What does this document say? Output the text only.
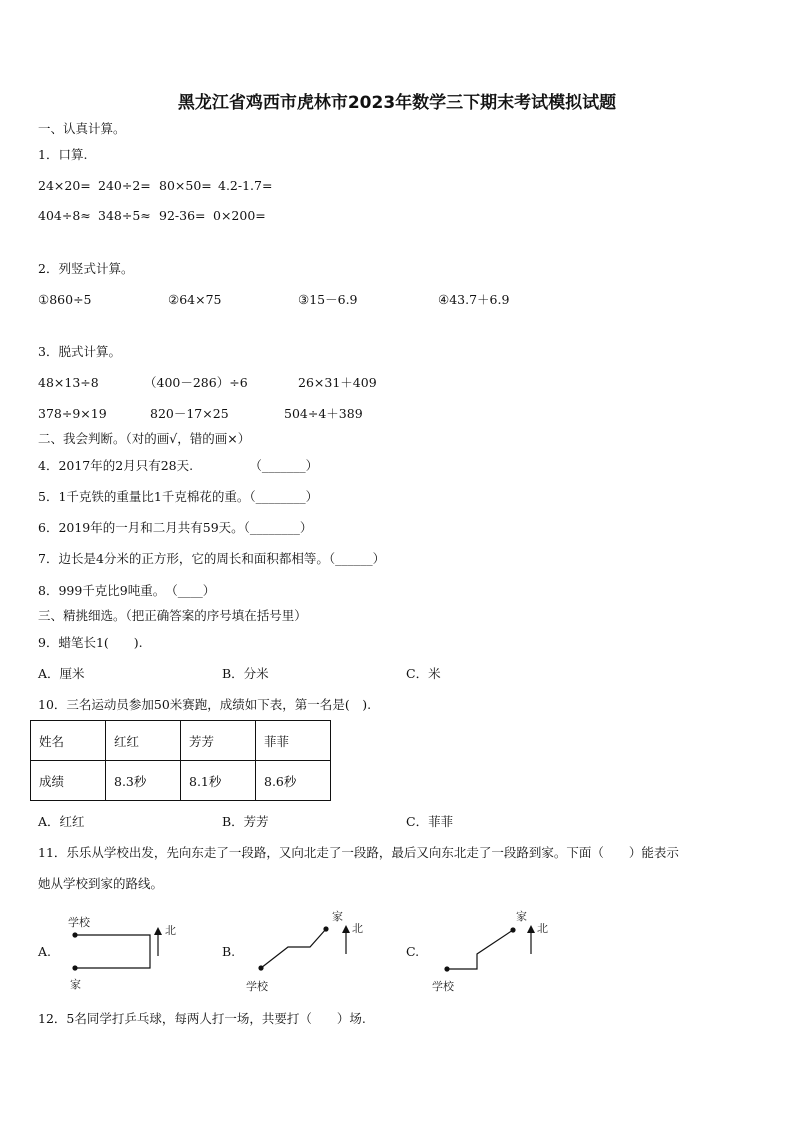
黑龙江省鸡西市虎林市2023年数学三下期末考试模拟试题
一、认真计算。
1．口算.
24×20= 240÷2= 80×50= 4.2-1.7=
404÷8≈ 348÷5≈ 92-36= 0×200=
2．列竖式计算。
①860÷5	②64×75	③15－6.9	④43.7＋6.9
3．脱式计算。
48×13÷8	（400－286）÷6	26×31＋409
378÷9×19	820－17×25	504÷4＋389
二、我会判断。（对的画√，错的画×）
4．2017年的2月只有28天.　　　　　（_______）
5．1千克铁的重量比1千克棉花的重。（________）
6．2019年的一月和二月共有59天。（________）
7．边长是4分米的正方形，它的周长和面积都相等。（______）
8．999千克比9吨重。　（____）
三、精挑细选。（把正确答案的序号填在括号里）
9．蜡笔长1(　　).
A．厘米	B．分米	C．米
10．三名运动员参加50米赛跑，成绩如下表，第一名是(　).
姓名	红红	芳芳	菲菲
成绩	8.3秒	8.1秒	8.6秒
A．红红	B．芳芳	C．菲菲
11．乐乐从学校出发，先向东走了一段路，又向北走了一段路，最后又向东北走了一段路到家。下面（　　）能表示
她从学校到家的路线。
A.
学校
家
北
B.
家
学校
北
C.
家
学校
北
12．5名同学打乒乓球，每两人打一场，共要打（　　）场.
